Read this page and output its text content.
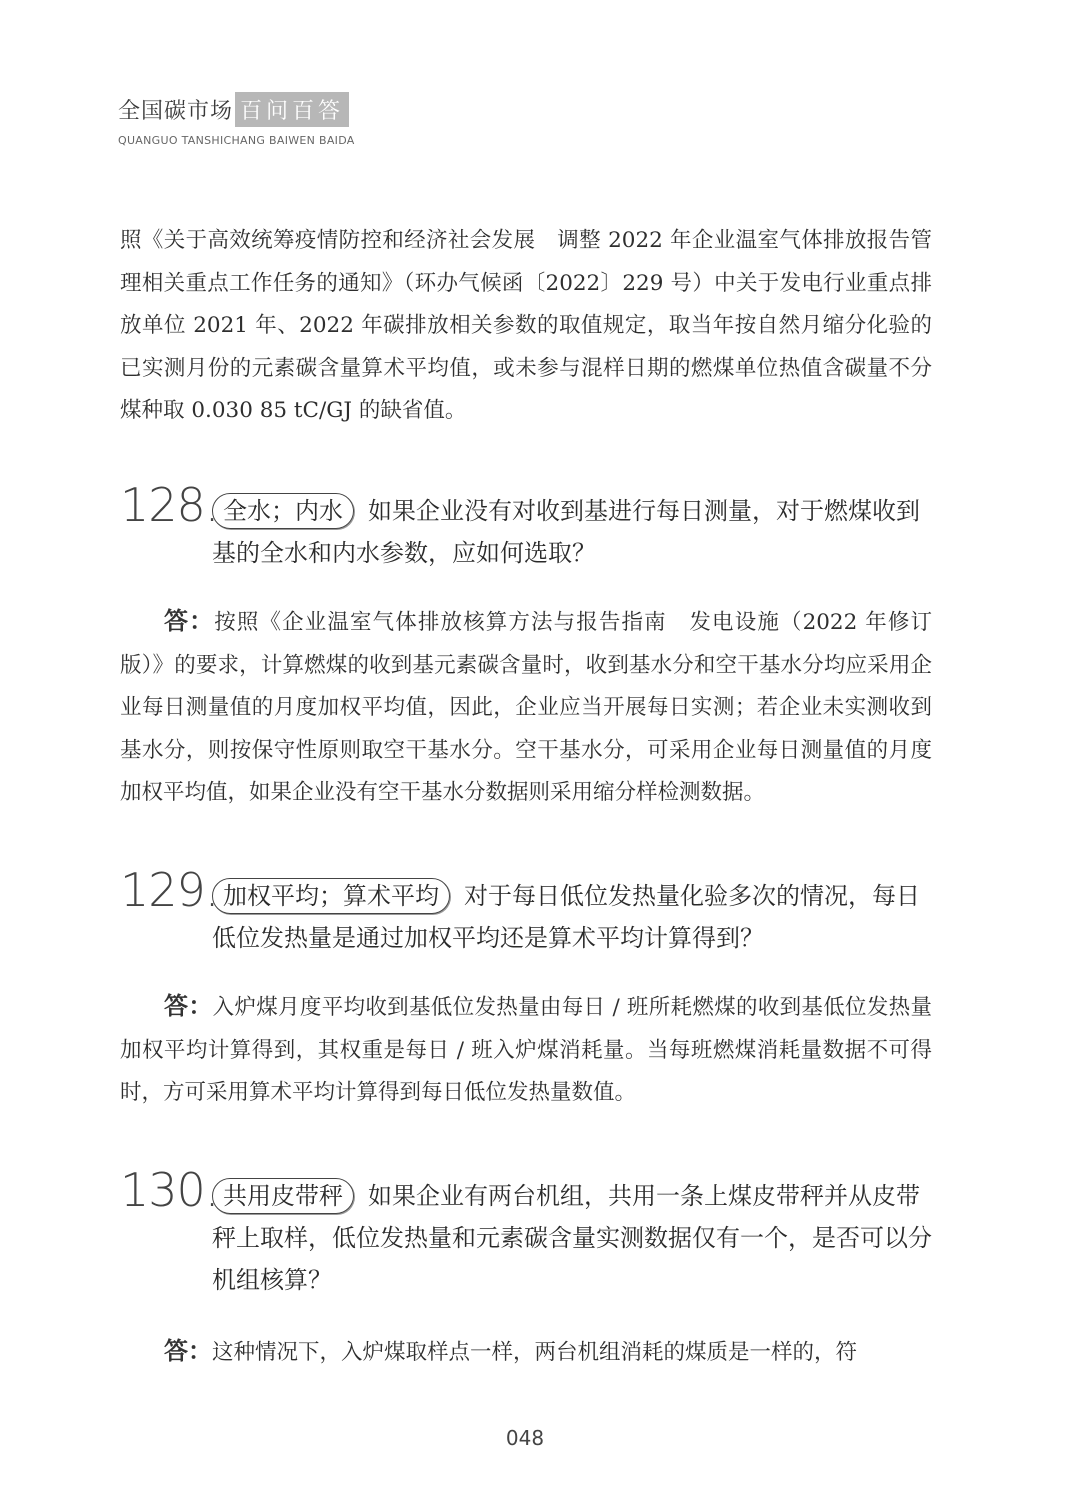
全国碳市场 百问百答
QUANGUO TANSHICHANG BAIWEN BAIDA

照《关于高效统筹疫情防控和经济社会发展　调整 2022 年企业温室气体排放报告管理相关重点工作任务的通知》（环办气候函〔2022〕229 号）中关于发电行业重点排放单位 2021 年、2022 年碳排放相关参数的取值规定，取当年按自然月缩分化验的已实测月份的元素碳含量算术平均值，或未参与混样日期的燃煤单位热值含碳量不分煤种取 0.030 85 tC/GJ 的缺省值。

128. 全水；内水 如果企业没有对收到基进行每日测量，对于燃煤收到基的全水和内水参数，应如何选取？

答：按照《企业温室气体排放核算方法与报告指南　发电设施（2022 年修订版）》的要求，计算燃煤的收到基元素碳含量时，收到基水分和空干基水分均应采用企业每日测量值的月度加权平均值，因此，企业应当开展每日实测；若企业未实测收到基水分，则按保守性原则取空干基水分。空干基水分，可采用企业每日测量值的月度加权平均值，如果企业没有空干基水分数据则采用缩分样检测数据。

129. 加权平均；算术平均 对于每日低位发热量化验多次的情况，每日低位发热量是通过加权平均还是算术平均计算得到？

答：入炉煤月度平均收到基低位发热量由每日 / 班所耗燃煤的收到基低位发热量加权平均计算得到，其权重是每日 / 班入炉煤消耗量。当每班燃煤消耗量数据不可得时，方可采用算术平均计算得到每日低位发热量数值。

130. 共用皮带秤 如果企业有两台机组，共用一条上煤皮带秤并从皮带秤上取样，低位发热量和元素碳含量实测数据仅有一个，是否可以分机组核算？

答：这种情况下，入炉煤取样点一样，两台机组消耗的煤质是一样的，符

048
